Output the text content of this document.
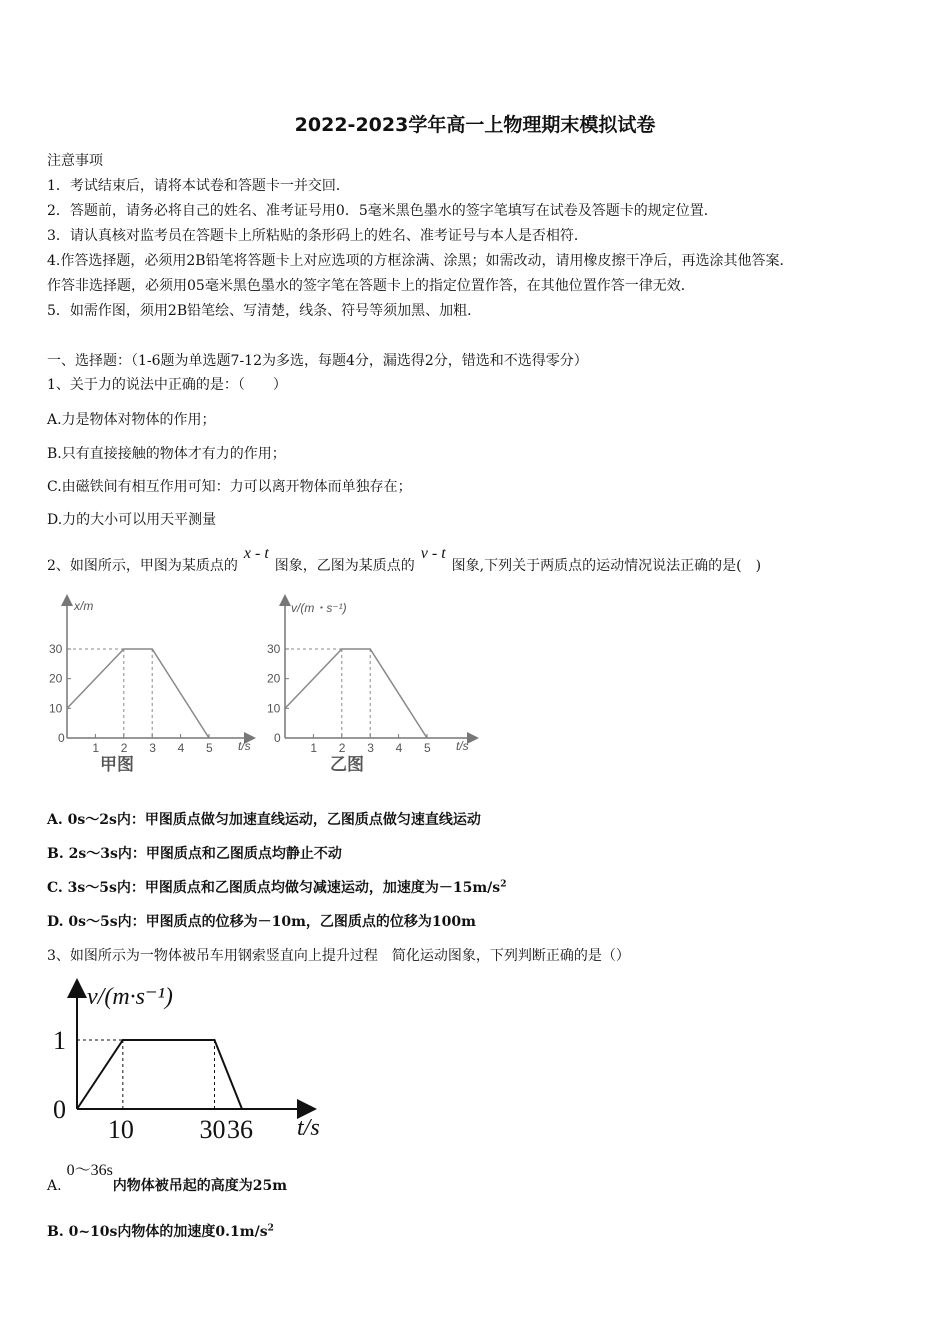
2022-2023学年高一上物理期末模拟试卷
注意事项
1．考试结束后，请将本试卷和答题卡一并交回．
2．答题前，请务必将自己的姓名、准考证号用0．5毫米黑色墨水的签字笔填写在试卷及答题卡的规定位置．
3．请认真核对监考员在答题卡上所粘贴的条形码上的姓名、准考证号与本人是否相符．
4.作答选择题，必须用2B铅笔将答题卡上对应选项的方框涂满、涂黑；如需改动，请用橡皮擦干净后，再选涂其他答案．
作答非选择题，必须用05毫米黑色墨水的签字笔在答题卡上的指定位置作答，在其他位置作答一律无效．
5．如需作图，须用2B铅笔绘、写清楚，线条、符号等须加黑、加粗．
一、选择题：（1-6题为单选题7-12为多选，每题4分，漏选得2分，错选和不选得零分）
1、关于力的说法中正确的是：（　　）
A.力是物体对物体的作用；
B.只有直接接触的物体才有力的作用；
C.由磁铁间有相互作用可知：力可以离开物体而单独存在；
D.力的大小可以用天平测量
2、如图所示，甲图为某质点的x - t图象，乙图为某质点的v - t图象,下列关于两质点的运动情况说法正确的是(　)
1 2 3 4 5
10
20
30
0
x/m
t/s
甲图
1 2 3 4 5
10
20
30
0
v/(m・s⁻¹)
t/s
乙图
A. 0s～2s内：甲图质点做匀加速直线运动，乙图质点做匀速直线运动
B. 2s～3s内：甲图质点和乙图质点均静止不动
C. 3s～5s内：甲图质点和乙图质点均做匀减速运动，加速度为$-15m/s^2$
D. 0s～5s内：甲图质点的位移为－10m，乙图质点的位移为100m
3、如图所示为一物体被吊车用钢索竖直向上提升过程　简化运动图象，下列判断正确的是（）
10	30 36
0
1
v/(m·s⁻¹)
t/s
A.0～36s内物体被吊起的高度为25m
B. 0~10s内物体的加速度$0.1m/s^2$
